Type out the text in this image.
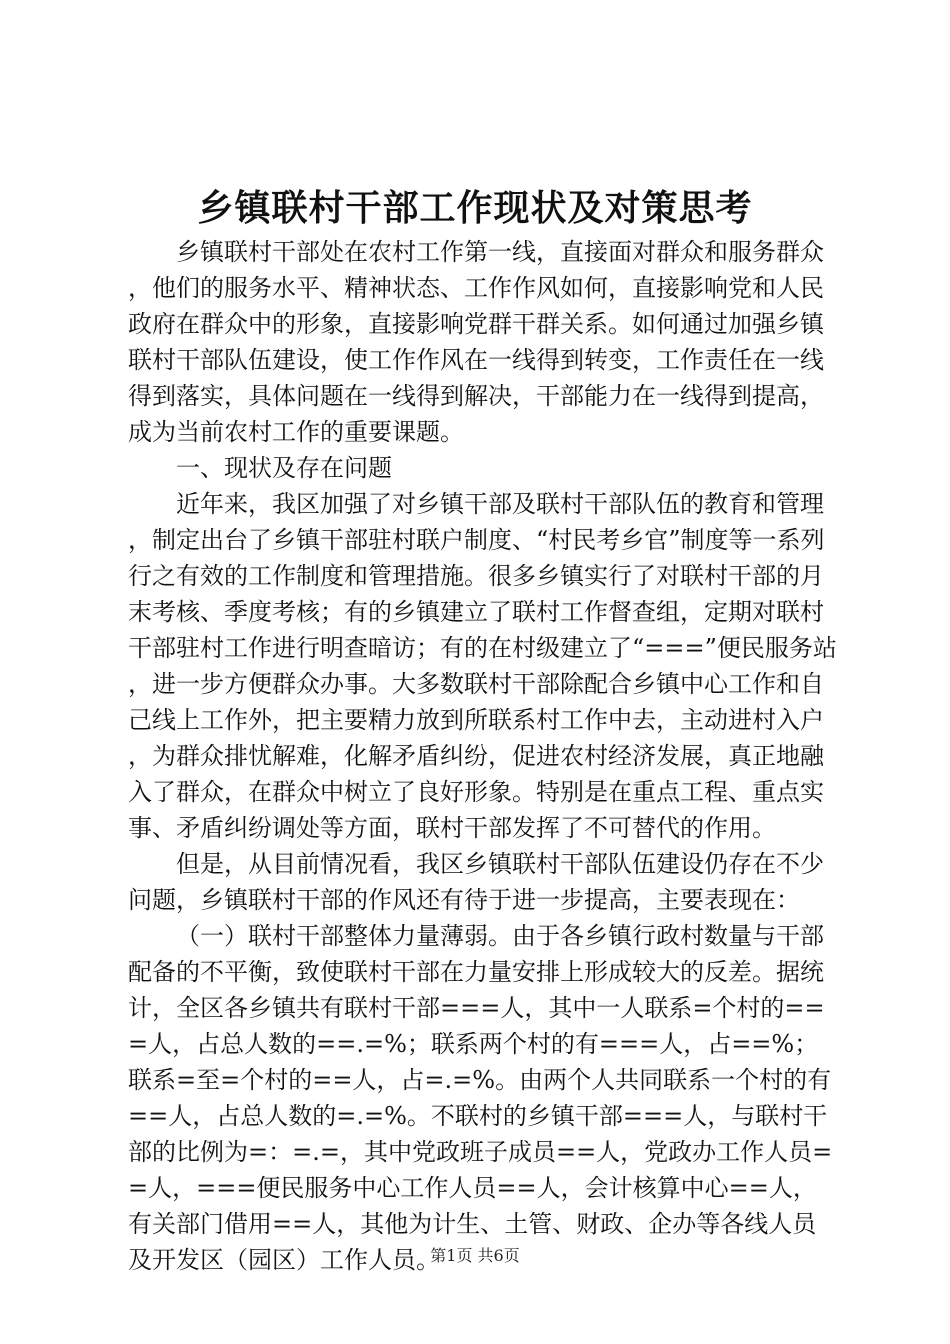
乡镇联村干部工作现状及对策思考

乡镇联村干部处在农村工作第一线，直接面对群众和服务群众，他们的服务水平、精神状态、工作作风如何，直接影响党和人民政府在群众中的形象，直接影响党群干群关系。如何通过加强乡镇联村干部队伍建设，使工作作风在一线得到转变，工作责任在一线得到落实，具体问题在一线得到解决，干部能力在一线得到提高，成为当前农村工作的重要课题。

一、现状及存在问题

近年来，我区加强了对乡镇干部及联村干部队伍的教育和管理，制定出台了乡镇干部驻村联户制度、“村民考乡官”制度等一系列行之有效的工作制度和管理措施。很多乡镇实行了对联村干部的月末考核、季度考核；有的乡镇建立了联村工作督查组，定期对联村干部驻村工作进行明查暗访；有的在村级建立了“===”便民服务站，进一步方便群众办事。大多数联村干部除配合乡镇中心工作和自己线上工作外，把主要精力放到所联系村工作中去，主动进村入户，为群众排忧解难，化解矛盾纠纷，促进农村经济发展，真正地融入了群众，在群众中树立了良好形象。特别是在重点工程、重点实事、矛盾纠纷调处等方面，联村干部发挥了不可替代的作用。

但是，从目前情况看，我区乡镇联村干部队伍建设仍存在不少问题，乡镇联村干部的作风还有待于进一步提高，主要表现在：

（一）联村干部整体力量薄弱。由于各乡镇行政村数量与干部配备的不平衡，致使联村干部在力量安排上形成较大的反差。据统计，全区各乡镇共有联村干部===人，其中一人联系=个村的===人，占总人数的==.=%；联系两个村的有===人，占==%；联系=至=个村的==人，占=.=%。由两个人共同联系一个村的有==人，占总人数的=.=%。不联村的乡镇干部===人，与联村干部的比例为=：=.=，其中党政班子成员==人，党政办工作人员==人，===便民服务中心工作人员==人，会计核算中心==人，有关部门借用==人，其他为计生、土管、财政、企办等各线人员及开发区（园区）工作人员。

第1页 共6页
